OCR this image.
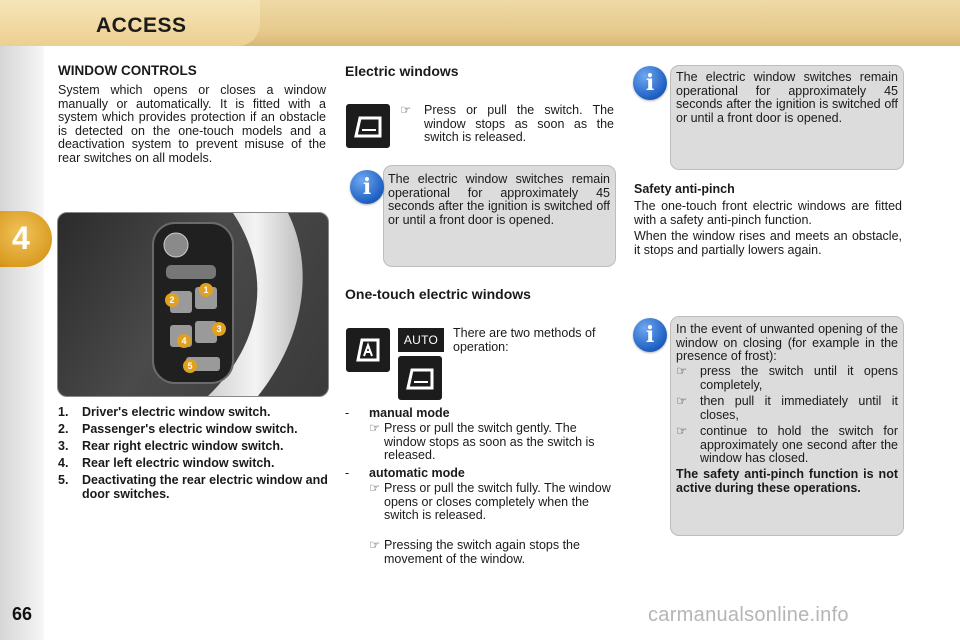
ACCESS
4
66	carmanualsonline.info
WINDOW CONTROLS
System which opens or closes a window manually or automatically. It is fitted with a system which provides protection if an obstacle is detected on the one-touch models and a deactivation system to prevent misuse of the rear switches on all models.
1
2
3
4
5
1.	Driver's electric window switch.
2.	Passenger's electric window switch.
3.	Rear right electric window switch.
4.	Rear left electric window switch.
5.	Deactivating the rear electric window and door switches.
Electric windows
☞ Press or pull the switch. The window stops as soon as the switch is released.
i	The electric window switches remain operational for approximately 45 seconds after the ignition is switched off or until a front door is opened.
One-touch electric windows
AUTO	There are two methods of operation:
- manual mode
☞ Press or pull the switch gently. The window stops as soon as the switch is released.
- automatic mode
☞ Press or pull the switch fully. The window opens or closes completely when the switch is released.
☞ Pressing the switch again stops the movement of the window.
i	The electric window switches remain operational for approximately 45 seconds after the ignition is switched off or until a front door is opened.
Safety anti-pinch
The one-touch front electric windows are fitted with a safety anti-pinch function.
When the window rises and meets an obstacle, it stops and partially lowers again.
i	In the event of unwanted opening of the window on closing (for example in the presence of frost):
☞	press the switch until it opens completely,
☞	then pull it immediately until it closes,
☞	continue to hold the switch for approximately one second after the window has closed.
The safety anti-pinch function is not active during these operations.
